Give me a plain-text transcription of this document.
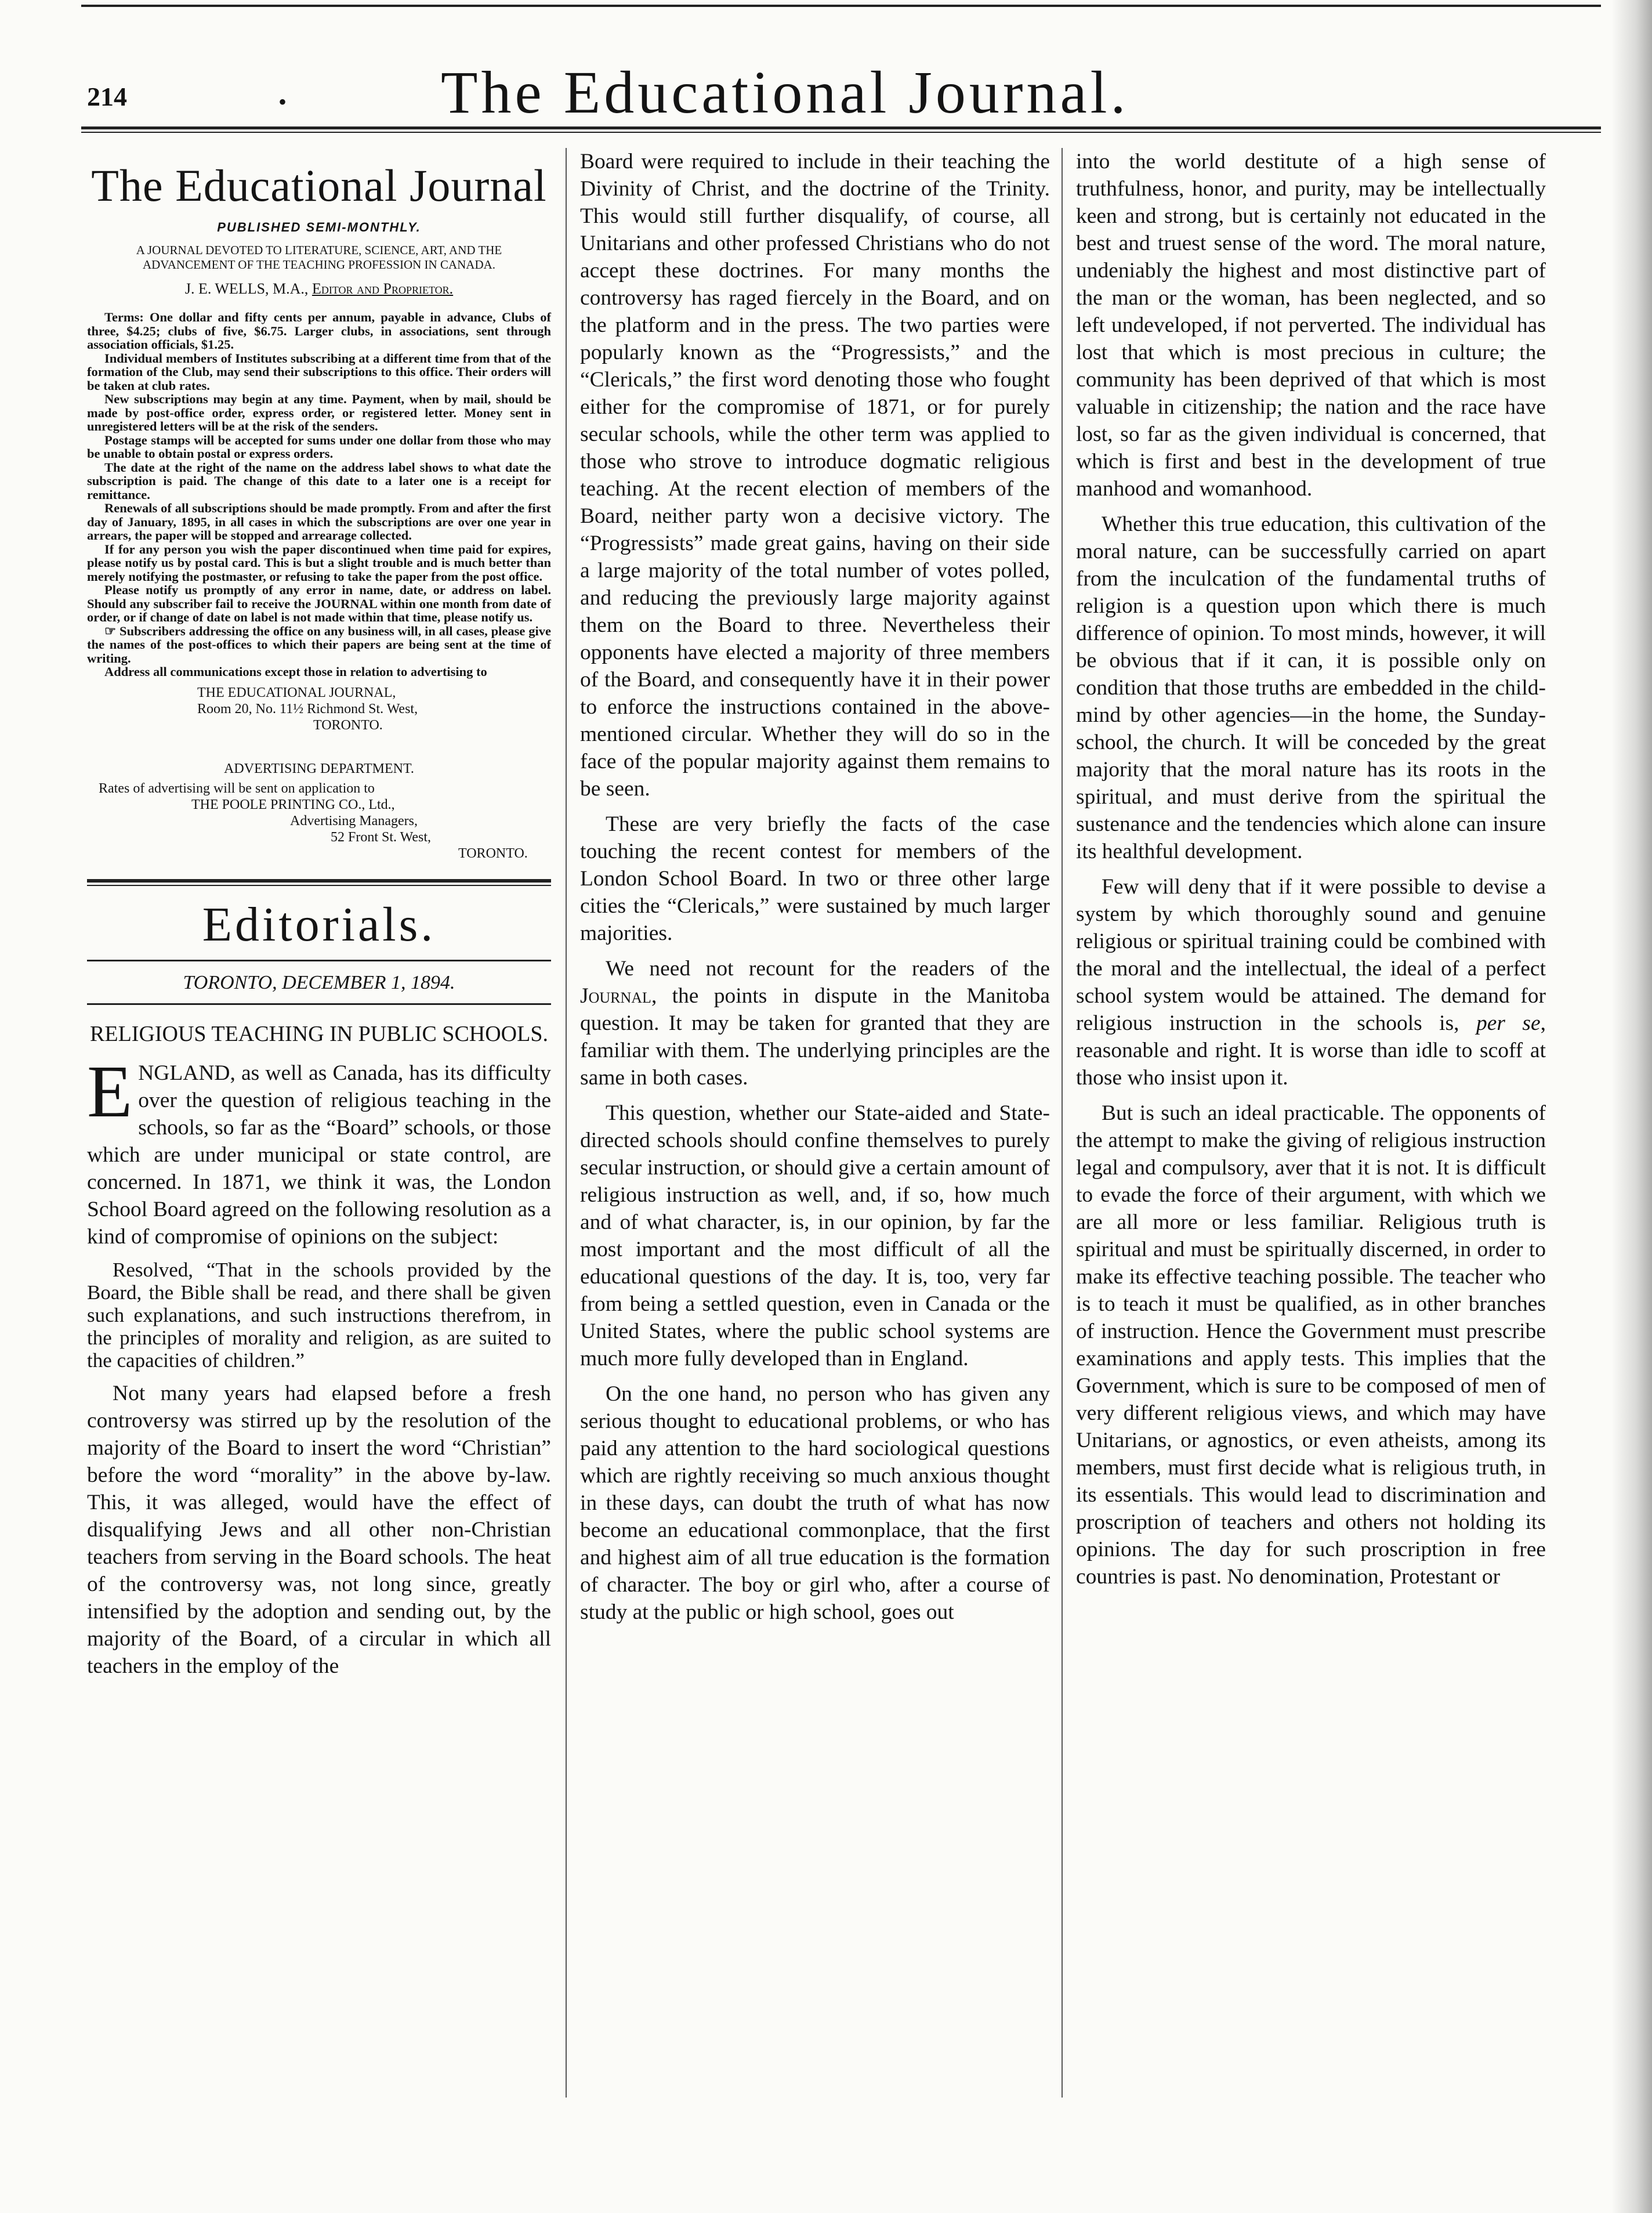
214	•	The Educational Journal.
The Educational Journal
PUBLISHED SEMI-MONTHLY.
A JOURNAL DEVOTED TO LITERATURE, SCIENCE, ART, AND THE ADVANCEMENT OF THE TEACHING PROFESSION IN CANADA.
J. E. WELLS, M.A., Editor and Proprietor.

Terms: One dollar and fifty cents per annum, payable in advance, Clubs of three, $4.25; clubs of five, $6.75. Larger clubs, in associations, sent through association officials, $1.25.

Individual members of Institutes subscribing at a different time from that of the formation of the Club, may send their subscriptions to this office. Their orders will be taken at club rates.

New subscriptions may begin at any time. Payment, when by mail, should be made by post-office order, express order, or registered letter. Money sent in unregistered letters will be at the risk of the senders.

Postage stamps will be accepted for sums under one dollar from those who may be unable to obtain postal or express orders.

The date at the right of the name on the address label shows to what date the subscription is paid. The change of this date to a later one is a receipt for remittance.

Renewals of all subscriptions should be made promptly. From and after the first day of January, 1895, in all cases in which the subscriptions are over one year in arrears, the paper will be stopped and arrearage collected.

If for any person you wish the paper discontinued when time paid for expires, please notify us by postal card. This is but a slight trouble and is much better than merely notifying the postmaster, or refusing to take the paper from the post office.

Please notify us promptly of any error in name, date, or address on label. Should any subscriber fail to receive the JOURNAL within one month from date of order, or if change of date on label is not made within that time, please notify us.

☞ Subscribers addressing the office on any business will, in all cases, please give the names of the post-offices to which their papers are being sent at the time of writing.

Address all communications except those in relation to advertising to

THE EDUCATIONAL JOURNAL,
Room 20, No. 11½ Richmond St. West,
TORONTO.
ADVERTISING DEPARTMENT.
Rates of advertising will be sent on application to
THE POOLE PRINTING CO., Ltd.,
Advertising Managers,
52 Front St. West,
TORONTO.
Editorials.
TORONTO, DECEMBER 1, 1894.
RELIGIOUS TEACHING IN PUBLIC SCHOOLS.

ENGLAND, as well as Canada, has its difficulty over the question of religious teaching in the schools, so far as the “Board” schools, or those which are under municipal or state control, are concerned. In 1871, we think it was, the London School Board agreed on the following resolution as a kind of compromise of opinions on the subject:

Resolved, “That in the schools provided by the Board, the Bible shall be read, and there shall be given such explanations, and such instructions therefrom, in the principles of morality and religion, as are suited to the capacities of children.”

Not many years had elapsed before a fresh controversy was stirred up by the resolution of the majority of the Board to insert the word “Christian” before the word “morality” in the above by-law. This, it was alleged, would have the effect of disqualifying Jews and all other non-Christian teachers from serving in the Board schools. The heat of the controversy was, not long since, greatly intensified by the adoption and sending out, by the majority of the Board, of a circular in which all teachers in the employ of the

Board were required to include in their teaching the Divinity of Christ, and the doctrine of the Trinity. This would still further disqualify, of course, all Unitarians and other professed Christians who do not accept these doctrines. For many months the controversy has raged fiercely in the Board, and on the platform and in the press. The two parties were popularly known as the “Progressists,” and the “Clericals,” the first word denoting those who fought either for the compromise of 1871, or for purely secular schools, while the other term was applied to those who strove to introduce dogmatic religious teaching. At the recent election of members of the Board, neither party won a decisive victory. The “Progressists” made great gains, having on their side a large majority of the total number of votes polled, and reducing the previously large majority against them on the Board to three. Nevertheless their opponents have elected a majority of three members of the Board, and consequently have it in their power to enforce the instructions contained in the above-mentioned circular. Whether they will do so in the face of the popular majority against them remains to be seen.

These are very briefly the facts of the case touching the recent contest for members of the London School Board. In two or three other large cities the “Clericals,” were sustained by much larger majorities.

We need not recount for the readers of the Journal, the points in dispute in the Manitoba question. It may be taken for granted that they are familiar with them. The underlying principles are the same in both cases.

This question, whether our State-aided and State-directed schools should confine themselves to purely secular instruction, or should give a certain amount of religious instruction as well, and, if so, how much and of what character, is, in our opinion, by far the most important and the most difficult of all the educational questions of the day. It is, too, very far from being a settled question, even in Canada or the United States, where the public school systems are much more fully developed than in England.

On the one hand, no person who has given any serious thought to educational problems, or who has paid any attention to the hard sociological questions which are rightly receiving so much anxious thought in these days, can doubt the truth of what has now become an educational commonplace, that the first and highest aim of all true education is the formation of character. The boy or girl who, after a course of study at the public or high school, goes out

into the world destitute of a high sense of truthfulness, honor, and purity, may be intellectually keen and strong, but is certainly not educated in the best and truest sense of the word. The moral nature, undeniably the highest and most distinctive part of the man or the woman, has been neglected, and so left undeveloped, if not perverted. The individual has lost that which is most precious in culture; the community has been deprived of that which is most valuable in citizenship; the nation and the race have lost, so far as the given individual is concerned, that which is first and best in the development of true manhood and womanhood.

Whether this true education, this cultivation of the moral nature, can be successfully carried on apart from the inculcation of the fundamental truths of religion is a question upon which there is much difference of opinion. To most minds, however, it will be obvious that if it can, it is possible only on condition that those truths are embedded in the child-mind by other agencies—in the home, the Sunday-school, the church. It will be conceded by the great majority that the moral nature has its roots in the spiritual, and must derive from the spiritual the sustenance and the tendencies which alone can insure its healthful development.

Few will deny that if it were possible to devise a system by which thoroughly sound and genuine religious or spiritual training could be combined with the moral and the intellectual, the ideal of a perfect school system would be attained. The demand for religious instruction in the schools is, per se, reasonable and right. It is worse than idle to scoff at those who insist upon it.

But is such an ideal practicable. The opponents of the attempt to make the giving of religious instruction legal and compulsory, aver that it is not. It is difficult to evade the force of their argument, with which we are all more or less familiar. Religious truth is spiritual and must be spiritually discerned, in order to make its effective teaching possible. The teacher who is to teach it must be qualified, as in other branches of instruction. Hence the Government must prescribe examinations and apply tests. This implies that the Government, which is sure to be composed of men of very different religious views, and which may have Unitarians, or agnostics, or even atheists, among its members, must first decide what is religious truth, in its essentials. This would lead to discrimination and proscription of teachers and others not holding its opinions. The day for such proscription in free countries is past. No denomination, Protestant or
